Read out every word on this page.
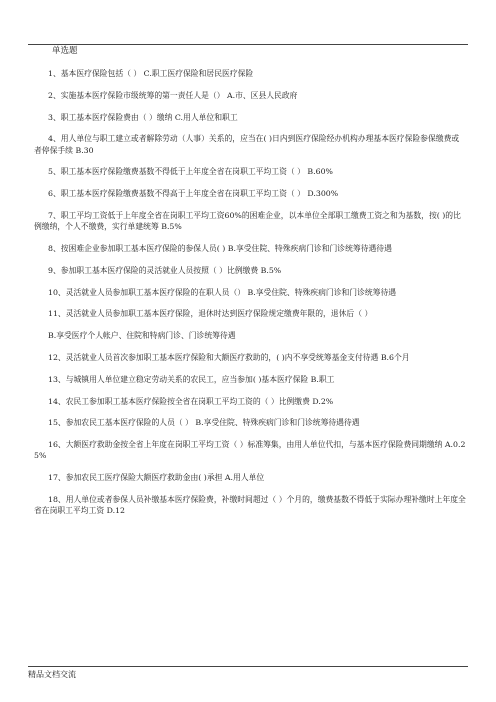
单选题

1、基本医疗保险包括（ ） C.职工医疗保险和居民医疗保险

2、实施基本医疗保险市级统筹的第一责任人是（） A.市、区县人民政府

3、职工基本医疗保险费由（ ）缴纳 C.用人单位和职工

4、用人单位与职工建立或者解除劳动（人事）关系的，应当在( )日内到医疗保险经办机构办理基本医疗保险参保缴费或者停保手续 B.30

5、职工基本医疗保险缴费基数不得低于上年度全省在岗职工平均工资（ ） B.60%

6、职工基本医疗保险缴费基数不得高于上年度全省在岗职工平均工资（ ） D.300%

7、职工平均工资低于上年度全省在岗职工平均工资60%的困难企业，以本单位全部职工缴费工资之和为基数，按( )的比例缴纳，个人不缴费，实行单建统筹 B.5%

8、按困难企业参加职工基本医疗保险的参保人员( ) B.享受住院、特殊疾病门诊和门诊统筹待遇待遇

9、参加职工基本医疗保险的灵活就业人员按照（ ）比例缴费 B.5%

10、灵活就业人员参加职工基本医疗保险的在职人员（） B.享受住院、特殊疾病门诊和门诊统筹待遇

11、灵活就业人员参加职工基本医疗保险，退休时达到医疗保险规定缴费年限的，退休后（ ）

B.享受医疗个人帐户、住院和特病门诊、门诊统筹待遇

12、灵活就业人员首次参加职工基本医疗保险和大额医疗救助的，( )内不享受统筹基金支付待遇 B.6个月

13、与城镇用人单位建立稳定劳动关系的农民工，应当参加( )基本医疗保险 B.职工

14、农民工参加职工基本医疗保险按全省在岗职工平均工资的（ ）比例缴费 D.2%

15、参加农民工基本医疗保险的人员（ ） B.享受住院、特殊疾病门诊和门诊统筹待遇待遇

16、大额医疗救助金按全省上年度在岗职工平均工资（ ）标准筹集，由用人单位代扣，与基本医疗保险费同期缴纳 A.0.25%

17、参加农民工医疗保险大额医疗救助金由( )承担 A.用人单位

18、用人单位或者参保人员补缴基本医疗保险费，补缴时间超过（ ）个月的，缴费基数不得低于实际办理补缴时上年度全省在岗职工平均工资 D.12

精品文档交流
